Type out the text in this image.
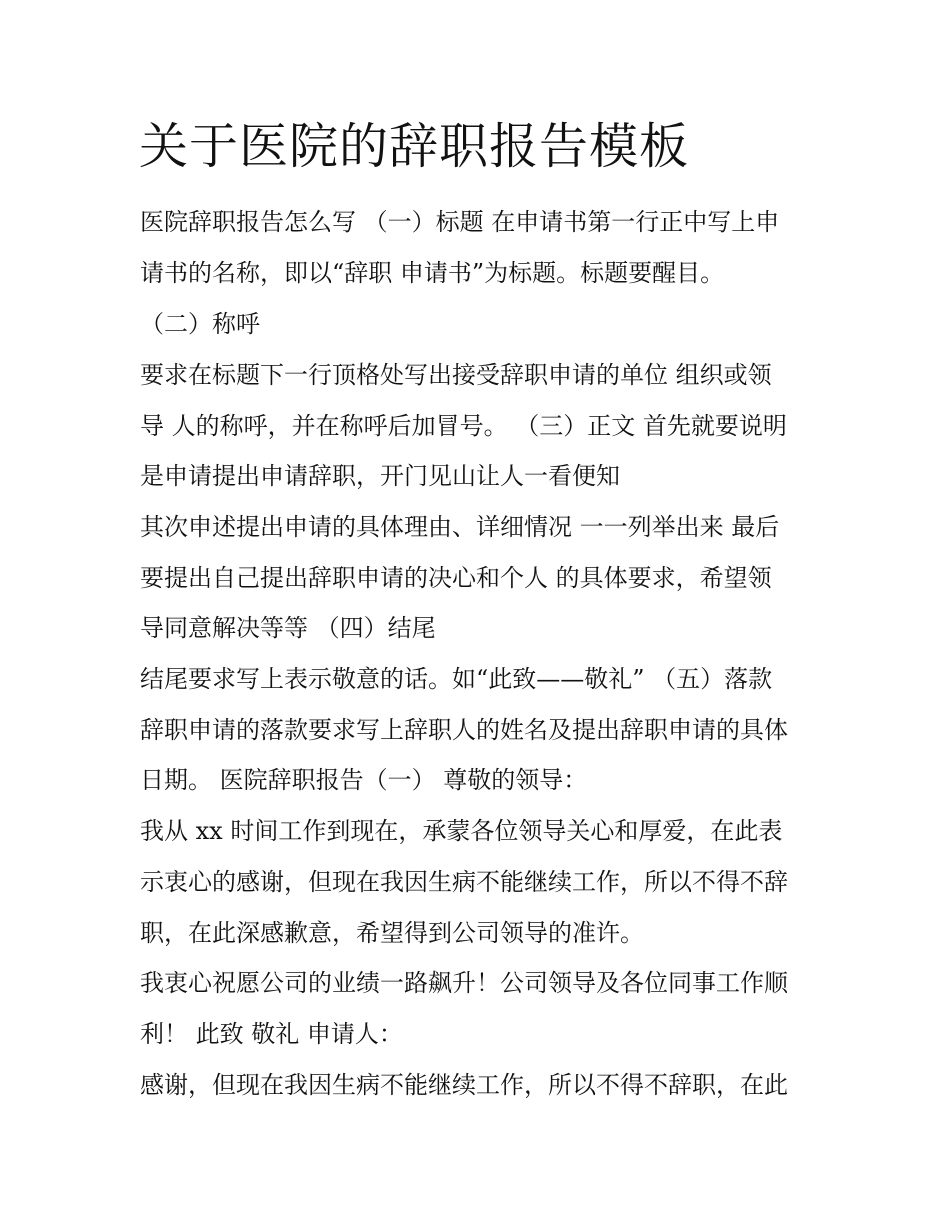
关于医院的辞职报告模板

医院辞职报告怎么写 （一）标题 在申请书第一行正中写上申

请书的名称，即以“辞职 申请书”为标题。标题要醒目。

（二）称呼

要求在标题下一行顶格处写出接受辞职申请的单位 组织或领

导 人的称呼，并在称呼后加冒号。 （三）正文 首先就要说明

是申请提出申请辞职，开门见山让人一看便知

其次申述提出申请的具体理由、详细情况 一一列举出来 最后

要提出自己提出辞职申请的决心和个人 的具体要求，希望领

导同意解决等等 （四）结尾

结尾要求写上表示敬意的话。如“此致——敬礼” （五）落款

辞职申请的落款要求写上辞职人的姓名及提出辞职申请的具体

日期。 医院辞职报告（一） 尊敬的领导：

我从 xx 时间工作到现在，承蒙各位领导关心和厚爱，在此表

示衷心的感谢，但现在我因生病不能继续工作，所以不得不辞

职，在此深感歉意，希望得到公司领导的准许。

我衷心祝愿公司的业绩一路飙升！公司领导及各位同事工作顺

利！ 此致 敬礼 申请人：

感谢，但现在我因生病不能继续工作，所以不得不辞职，在此
